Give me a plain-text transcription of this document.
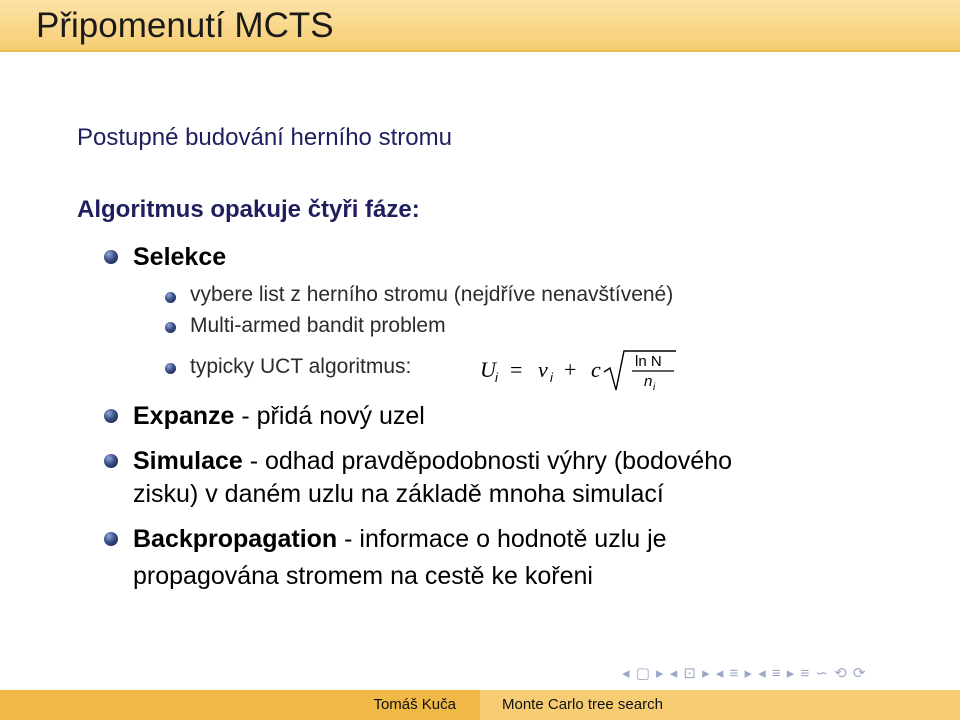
Připomenutí MCTS
Postupné budování herního stromu
Algoritmus opakuje čtyři fáze:
Selekce
vybere list z herního stromu (nejdříve nenavštívené)
Multi-armed bandit problem
typicky UCT algoritmus:	U i = v i + c ln N
n i
Expanze - přidá nový uzel
Simulace - odhad pravděpodobnosti výhry (bodového
zisku) v daném uzlu na základě mnoha simulací
Backpropagation - informace o hodnotě uzlu je
propagována stromem na cestě ke kořeni
◂ ▢ ▸ ◂ ⊡ ▸ ◂ ≡ ▸ ◂ ≡ ▸ ≡ ∽ ⟲ ⟳
Tomáš Kuča	Monte Carlo tree search
